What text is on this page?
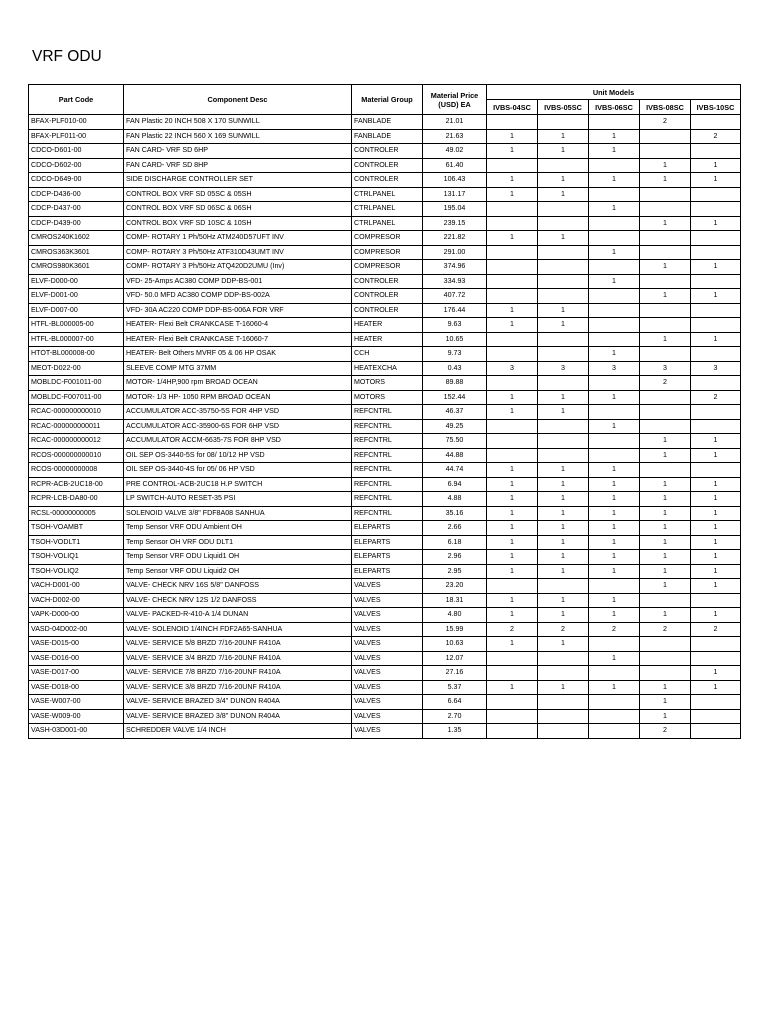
VRF ODU
Part Code	Component Desc	Material Group	Material Price (USD) EA	Unit Models				
				IVBS-04SC	IVBS-05SC	IVBS-06SC	IVBS-08SC	IVBS-10SC
BFAX-PLF010-00	FAN Plastic 20 INCH 508 X 170 SUNWILL	FANBLADE	21.01				2	
BFAX-PLF011-00	FAN Plastic 22 INCH 560 X 169 SUNWILL	FANBLADE	21.63	1	1	1		2
CDCO-D601-00	FAN CARD- VRF SD 6HP	CONTROLER	49.02	1	1	1		
CDCO-D602-00	FAN CARD- VRF SD 8HP	CONTROLER	61.40				1	1
CDCO-D649-00	SIDE DISCHARGE CONTROLLER SET	CONTROLER	106.43	1	1	1	1	1
CDCP-D436-00	CONTROL BOX VRF SD 05SC & 05SH	CTRLPANEL	131.17	1	1			
CDCP-D437-00	CONTROL BOX VRF SD 06SC & 06SH	CTRLPANEL	195.04			1		
CDCP-D439-00	CONTROL BOX VRF SD 10SC & 10SH	CTRLPANEL	239.15				1	1
CMROS240K1602	COMP- ROTARY 1 Ph/50Hz ATM240D57UFT INV	COMPRESOR	221.82	1	1			
CMROS363K3601	COMP- ROTARY 3 Ph/50Hz ATF310D43UMT INV	COMPRESOR	291.00			1		
CMROS980K3601	COMP- ROTARY 3 Ph/50Hz ATQ420D2UMU (Inv)	COMPRESOR	374.96				1	1
ELVF-D000-00	VFD- 25-Amps AC380 COMP DDP-BS-001	CONTROLER	334.93			1		
ELVF-D001-00	VFD- 50.0 MFD AC380 COMP DDP-BS-002A	CONTROLER	407.72				1	1
ELVF-D007-00	VFD- 30A AC220 COMP DDP-BS-006A FOR VRF	CONTROLER	176.44	1	1			
HTFL-BL000005-00	HEATER- Flexi Belt CRANKCASE T-16060-4	HEATER	9.63	1	1			
HTFL-BL000007-00	HEATER- Flexi Belt CRANKCASE T-16060-7	HEATER	10.65				1	1
HTOT-BL000008-00	HEATER- Belt Others MVRF 05 & 06 HP OSAK	CCH	9.73			1		
MEOT-D022-00	SLEEVE COMP MTG 37MM	HEATEXCHA	0.43	3	3	3	3	3
MOBLDC-F001011-00	MOTOR- 1/4HP,900 rpm BROAD OCEAN	MOTORS	89.88				2	
MOBLDC-F007011-00	MOTOR- 1/3 HP- 1050 RPM BROAD OCEAN	MOTORS	152.44	1	1	1		2
RCAC-000000000010	ACCUMULATOR ACC-35750-5S FOR 4HP VSD	REFCNTRL	46.37	1	1			
RCAC-000000000011	ACCUMULATOR ACC-35900-6S FOR 6HP VSD	REFCNTRL	49.25			1		
RCAC-000000000012	ACCUMULATOR ACCM-6635-7S FOR 8HP VSD	REFCNTRL	75.50				1	1
RCOS-000000000010	OIL SEP OS-3440-5S for 08/ 10/12 HP VSD	REFCNTRL	44.88				1	1
RCOS-00000000008	OIL SEP OS-3440-4S for 05/ 06 HP VSD	REFCNTRL	44.74	1	1	1		
RCPR-ACB-2UC18-00	PRE CONTROL-ACB-2UC18 H.P SWITCH	REFCNTRL	6.94	1	1	1	1	1
RCPR-LCB-DA80-00	LP SWITCH-AUTO RESET-35 PSI	REFCNTRL	4.88	1	1	1	1	1
RCSL-00000000005	SOLENOID VALVE 3/8" FDF8A08 SANHUA	REFCNTRL	35.16	1	1	1	1	1
TSOH-VOAMBT	Temp Sensor VRF ODU Ambient OH	ELEPARTS	2.66	1	1	1	1	1
TSOH-VODLT1	Temp Sensor OH VRF ODU DLT1	ELEPARTS	6.18	1	1	1	1	1
TSOH-VOLIQ1	Temp Sensor VRF ODU Liquid1 OH	ELEPARTS	2.96	1	1	1	1	1
TSOH-VOLIQ2	Temp Sensor VRF ODU Liquid2 OH	ELEPARTS	2.95	1	1	1	1	1
VACH-D001-00	VALVE- CHECK NRV 16S 5/8" DANFOSS	VALVES	23.20				1	1
VACH-D002-00	VALVE- CHECK NRV 12S 1/2 DANFOSS	VALVES	18.31	1	1	1		
VAPK-D000-00	VALVE- PACKED-R-410-A 1/4 DUNAN	VALVES	4.80	1	1	1	1	1
VASD-04D002-00	VALVE- SOLENOID 1/4INCH FDF2A65-SANHUA	VALVES	15.99	2	2	2	2	2
VASE-D015-00	VALVE- SERVICE 5/8 BRZD 7/16-20UNF R410A	VALVES	10.63	1	1			
VASE-D016-00	VALVE- SERVICE 3/4 BRZD 7/16-20UNF R410A	VALVES	12.07			1		
VASE-D017-00	VALVE- SERVICE 7/8 BRZD 7/16-20UNF R410A	VALVES	27.16					1
VASE-D018-00	VALVE- SERVICE 3/8 BRZD 7/16-20UNF R410A	VALVES	5.37	1	1	1	1	1
VASE-W007-00	VALVE- SERVICE BRAZED 3/4" DUNON R404A	VALVES	6.64				1	
VASE-W009-00	VALVE- SERVICE BRAZED 3/8" DUNON R404A	VALVES	2.70				1	
VASH-03D001-00	SCHREDDER VALVE 1/4 INCH	VALVES	1.35				2	
